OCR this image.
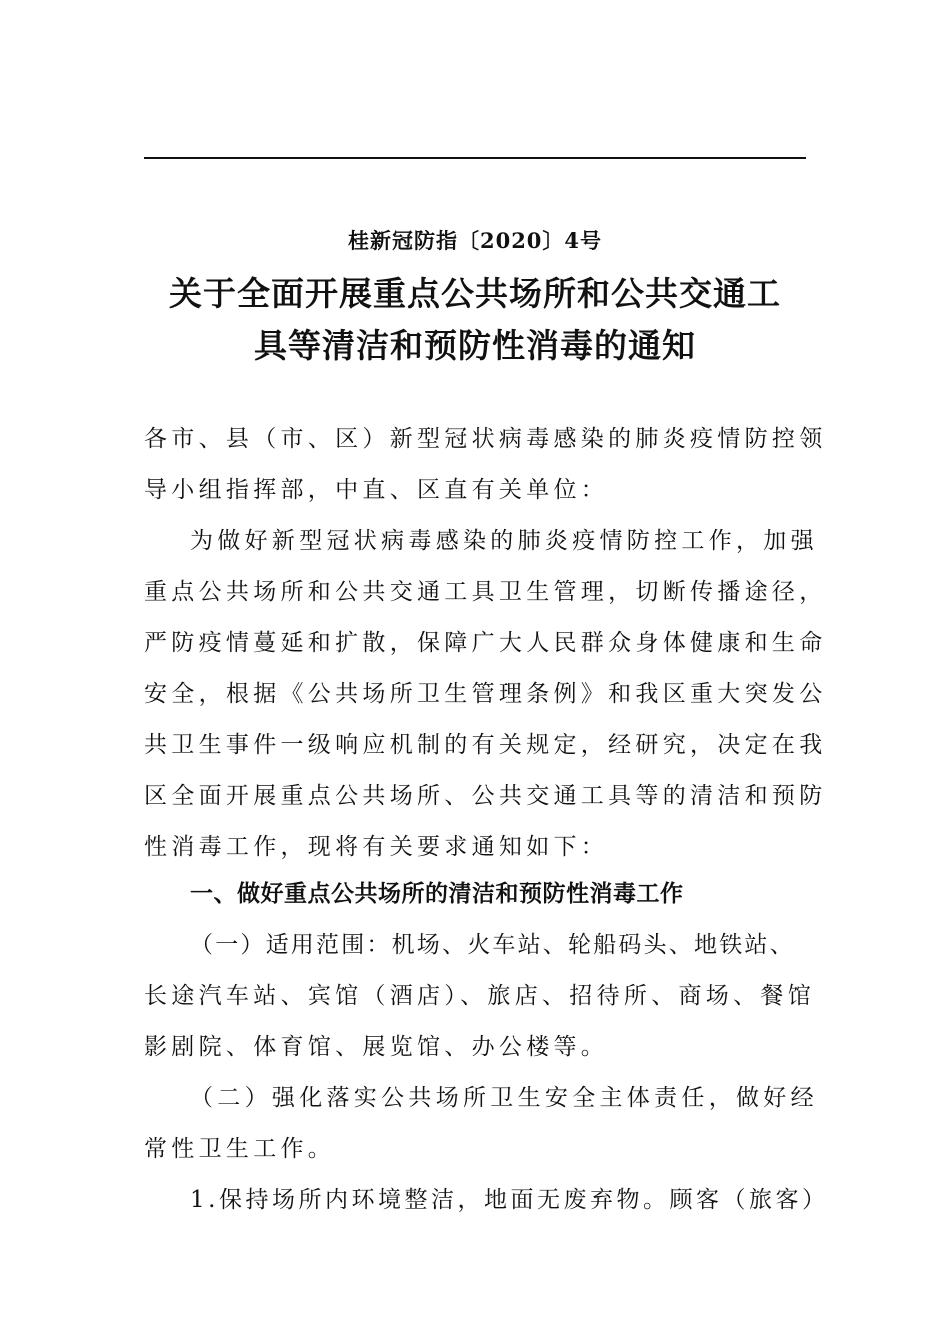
桂新冠防指〔2020〕4号
关于全面开展重点公共场所和公共交通工
具等清洁和预防性消毒的通知
各市、县（市、区）新型冠状病毒感染的肺炎疫情防控领
导小组指挥部，中直、区直有关单位：
为做好新型冠状病毒感染的肺炎疫情防控工作，加强
重点公共场所和公共交通工具卫生管理，切断传播途径，
严防疫情蔓延和扩散，保障广大人民群众身体健康和生命
安全，根据《公共场所卫生管理条例》和我区重大突发公
共卫生事件一级响应机制的有关规定，经研究，决定在我
区全面开展重点公共场所、公共交通工具等的清洁和预防
性消毒工作，现将有关要求通知如下：
一、做好重点公共场所的清洁和预防性消毒工作
（一）适用范围：机场、火车站、轮船码头、地铁站、
长途汽车站、宾馆（酒店）、旅店、招待所、商场、餐馆
影剧院、体育馆、展览馆、办公楼等。
（二）强化落实公共场所卫生安全主体责任，做好经
常性卫生工作。
1.保持场所内环境整洁，地面无废弃物。顾客（旅客）
